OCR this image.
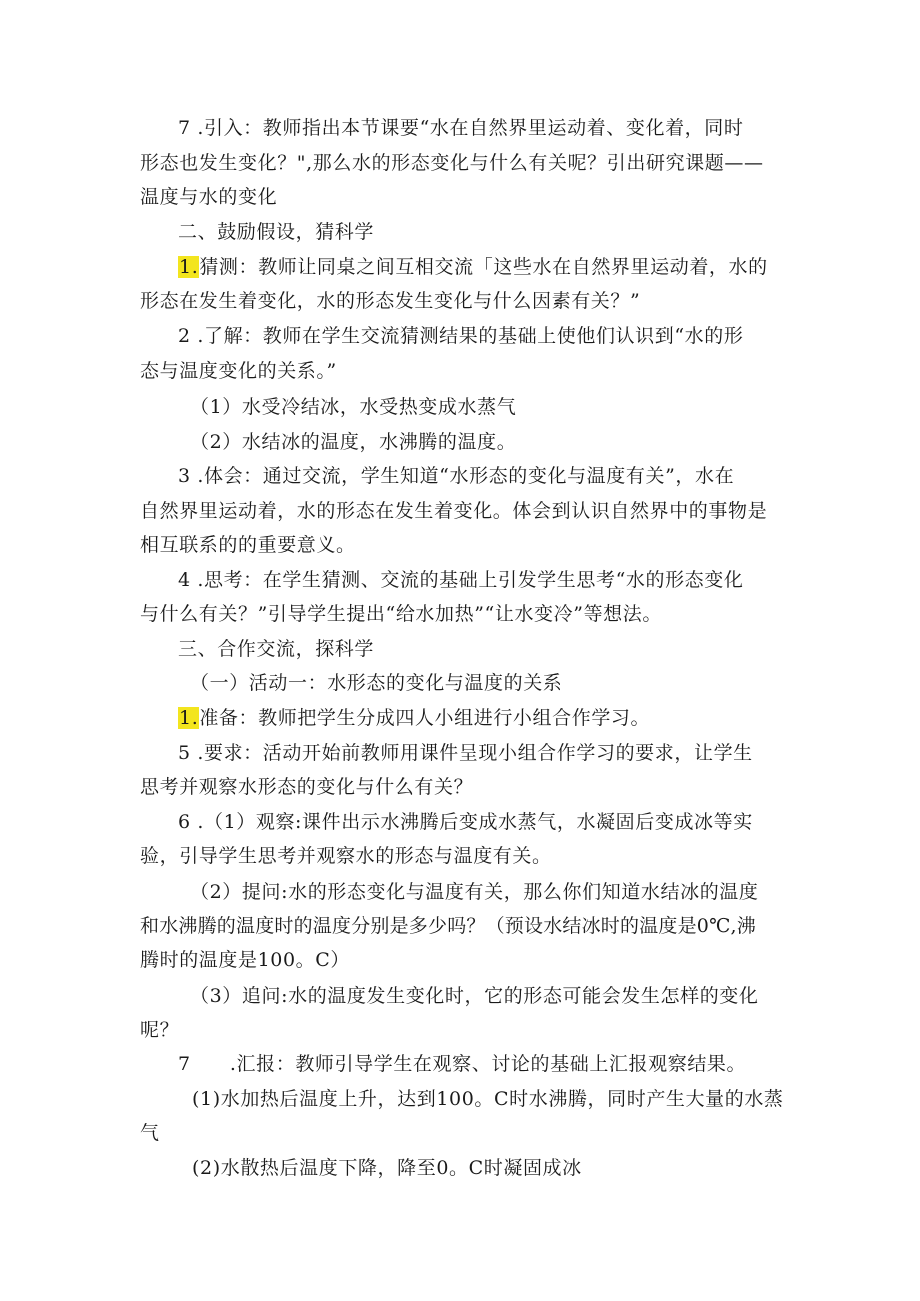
7 .引入：教师指出本节课要“水在自然界里运动着、变化着，同时
形态也发生变化？",那么水的形态变化与什么有关呢？引出研究课题——
温度与水的变化
二、鼓励假设，猜科学
1.猜测：教师让同桌之间互相交流「这些水在自然界里运动着，水的
形态在发生着变化，水的形态发生变化与什么因素有关？”
2 .了解：教师在学生交流猜测结果的基础上使他们认识到“水的形
态与温度变化的关系。”
（1）水受冷结冰，水受热变成水蒸气
（2）水结冰的温度，水沸腾的温度。
3 .体会：通过交流，学生知道“水形态的变化与温度有关”，水在
自然界里运动着，水的形态在发生着变化。体会到认识自然界中的事物是
相互联系的的重要意义。
4 .思考：在学生猜测、交流的基础上引发学生思考“水的形态变化
与什么有关？”引导学生提出“给水加热”“让水变冷”等想法。
三、合作交流，探科学
（一）活动一：水形态的变化与温度的关系
1.准备：教师把学生分成四人小组进行小组合作学习。
5 .要求：活动开始前教师用课件呈现小组合作学习的要求，让学生
思考并观察水形态的变化与什么有关？
6 .（1）观察:课件出示水沸腾后变成水蒸气，水凝固后变成冰等实
验，引导学生思考并观察水的形态与温度有关。
（2）提问:水的形态变化与温度有关，那么你们知道水结冰的温度
和水沸腾的温度时的温度分别是多少吗？（预设水结冰时的温度是0℃,沸
腾时的温度是100。C）
（3）追问:水的温度发生变化时，它的形态可能会发生怎样的变化
呢？
7　　.汇报：教师引导学生在观察、讨论的基础上汇报观察结果。
(1)水加热后温度上升，达到100。C时水沸腾，同时产生大量的水蒸
气
(2)水散热后温度下降，降至0。C时凝固成冰
